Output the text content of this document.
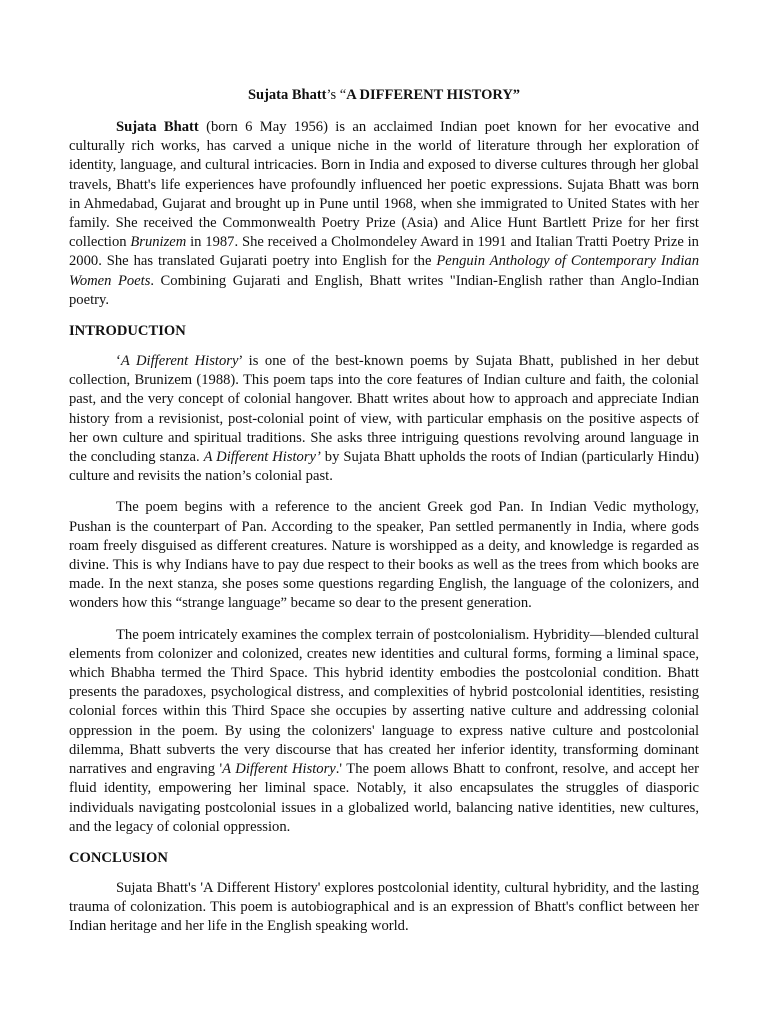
Sujata Bhatt’s “A DIFFERENT HISTORY”

Sujata Bhatt (born 6 May 1956) is an acclaimed Indian poet known for her evocative and culturally rich works, has carved a unique niche in the world of literature through her exploration of identity, language, and cultural intricacies. Born in India and exposed to diverse cultures through her global travels, Bhatt's life experiences have profoundly influenced her poetic expressions. Sujata Bhatt was born in Ahmedabad, Gujarat and brought up in Pune until 1968, when she immigrated to United States with her family. She received the Commonwealth Poetry Prize (Asia) and Alice Hunt Bartlett Prize for her first collection Brunizem in 1987. She received a Cholmondeley Award in 1991 and Italian Tratti Poetry Prize in 2000. She has translated Gujarati poetry into English for the Penguin Anthology of Contemporary Indian Women Poets. Combining Gujarati and English, Bhatt writes "Indian-English rather than Anglo-Indian poetry.

INTRODUCTION

‘A Different History’ is one of the best-known poems by Sujata Bhatt, published in her debut collection, Brunizem (1988). This poem taps into the core features of Indian culture and faith, the colonial past, and the very concept of colonial hangover. Bhatt writes about how to approach and appreciate Indian history from a revisionist, post-colonial point of view, with particular emphasis on the positive aspects of her own culture and spiritual traditions. She asks three intriguing questions revolving around language in the concluding stanza. A Different History’ by Sujata Bhatt upholds the roots of Indian (particularly Hindu) culture and revisits the nation’s colonial past.

The poem begins with a reference to the ancient Greek god Pan. In Indian Vedic mythology, Pushan is the counterpart of Pan. According to the speaker, Pan settled permanently in India, where gods roam freely disguised as different creatures. Nature is worshipped as a deity, and knowledge is regarded as divine. This is why Indians have to pay due respect to their books as well as the trees from which books are made. In the next stanza, she poses some questions regarding English, the language of the colonizers, and wonders how this “strange language” became so dear to the present generation.

The poem intricately examines the complex terrain of postcolonialism. Hybridity—blended cultural elements from colonizer and colonized, creates new identities and cultural forms, forming a liminal space, which Bhabha termed the Third Space. This hybrid identity embodies the postcolonial condition. Bhatt presents the paradoxes, psychological distress, and complexities of hybrid postcolonial identities, resisting colonial forces within this Third Space she occupies by asserting native culture and addressing colonial oppression in the poem. By using the colonizers' language to express native culture and postcolonial dilemma, Bhatt subverts the very discourse that has created her inferior identity, transforming dominant narratives and engraving 'A Different History.' The poem allows Bhatt to confront, resolve, and accept her fluid identity, empowering her liminal space. Notably, it also encapsulates the struggles of diasporic individuals navigating postcolonial issues in a globalized world, balancing native identities, new cultures, and the legacy of colonial oppression.

CONCLUSION

Sujata Bhatt's 'A Different History' explores postcolonial identity, cultural hybridity, and the lasting trauma of colonization. This poem is autobiographical and is an expression of Bhatt's conflict between her Indian heritage and her life in the English speaking world.
